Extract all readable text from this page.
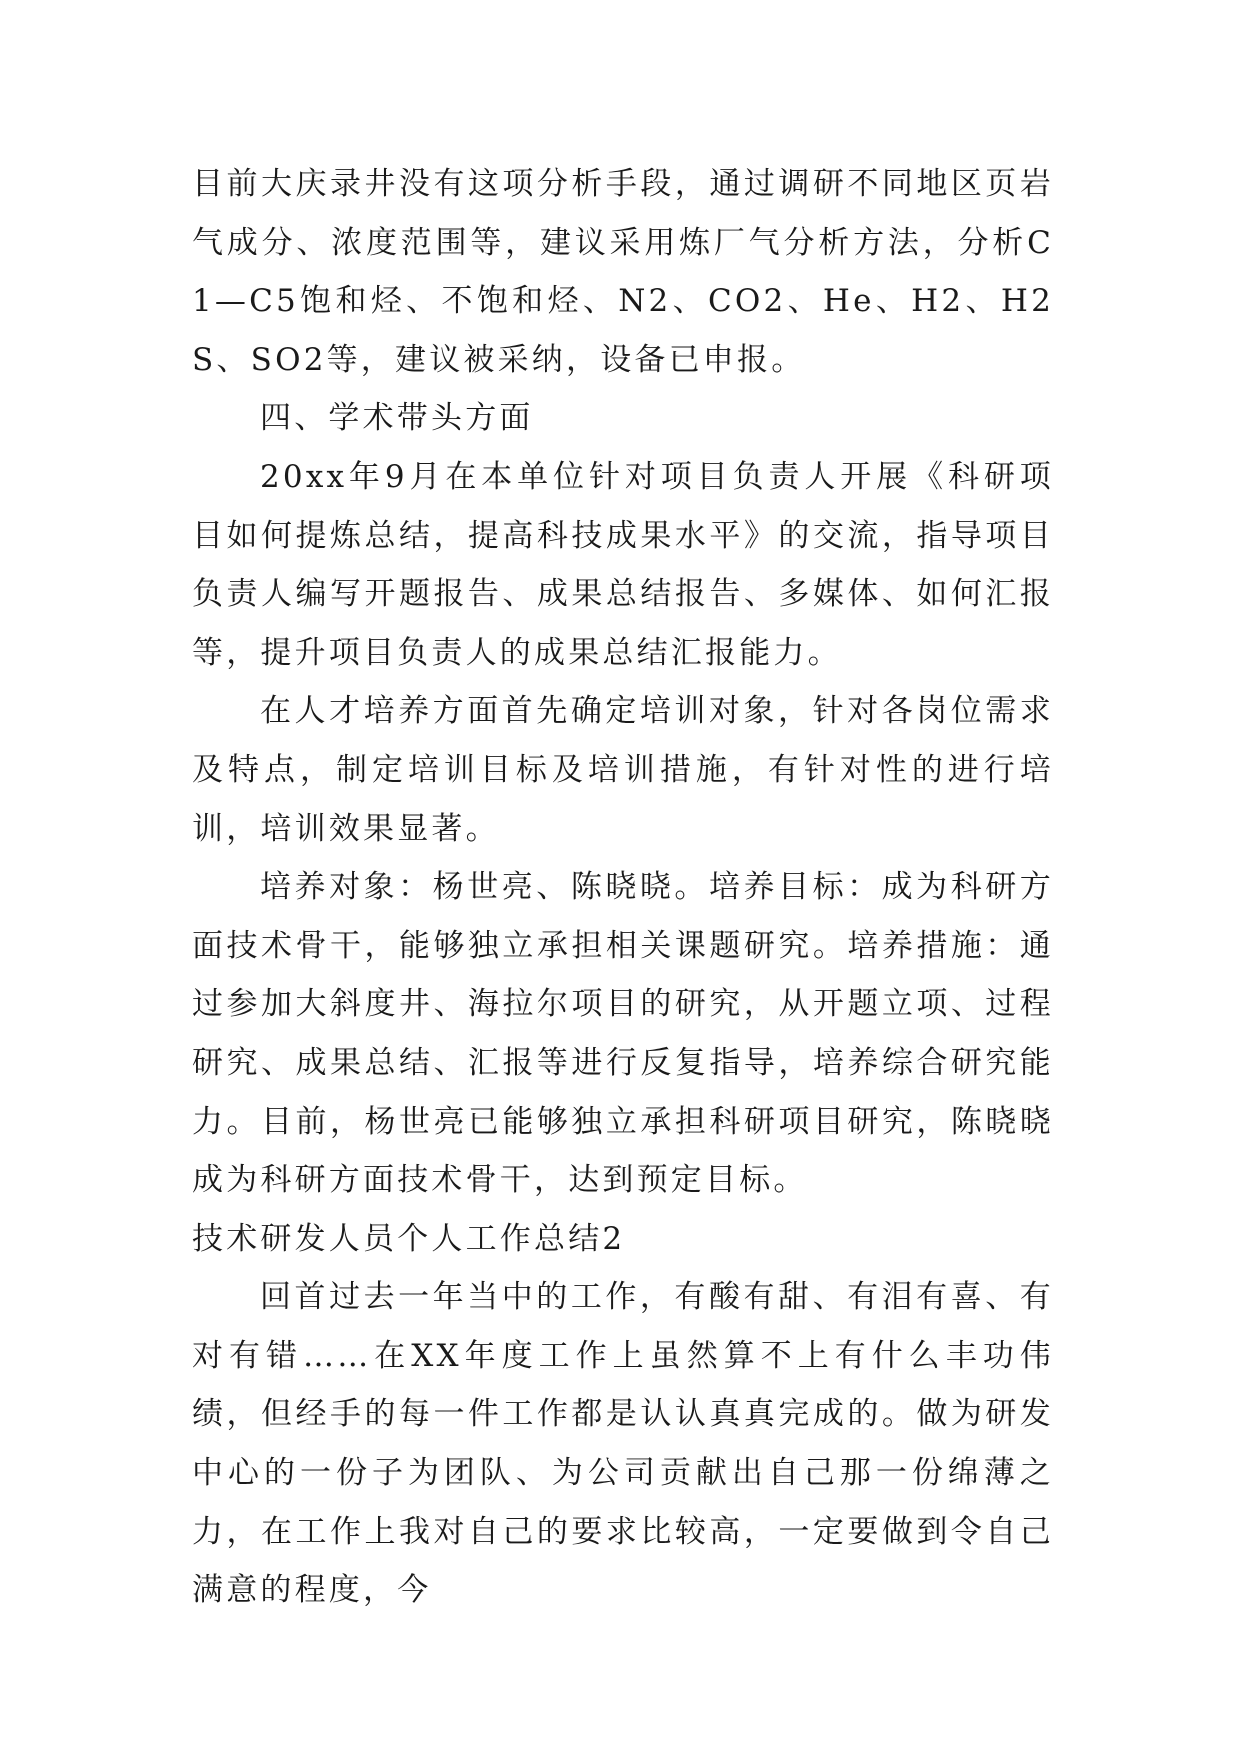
目前大庆录井没有这项分析手段，通过调研不同地区页岩气成分、浓度范围等，建议采用炼厂气分析方法，分析C1—C5饱和烃、不饱和烃、N2、CO2、He、H2、H2S、SO2等，建议被采纳，设备已申报。

四、学术带头方面

20xx年9月在本单位针对项目负责人开展《科研项目如何提炼总结，提高科技成果水平》的交流，指导项目负责人编写开题报告、成果总结报告、多媒体、如何汇报等，提升项目负责人的成果总结汇报能力。

在人才培养方面首先确定培训对象，针对各岗位需求及特点，制定培训目标及培训措施，有针对性的进行培训，培训效果显著。

培养对象：杨世亮、陈晓晓。培养目标：成为科研方面技术骨干，能够独立承担相关课题研究。培养措施：通过参加大斜度井、海拉尔项目的研究，从开题立项、过程研究、成果总结、汇报等进行反复指导，培养综合研究能力。目前，杨世亮已能够独立承担科研项目研究，陈晓晓成为科研方面技术骨干，达到预定目标。

技术研发人员个人工作总结2

回首过去一年当中的工作，有酸有甜、有泪有喜、有对有错……在XX年度工作上虽然算不上有什么丰功伟绩，但经手的每一件工作都是认认真真完成的。做为研发中心的一份子为团队、为公司贡献出自己那一份绵薄之力，在工作上我对自己的要求比较高，一定要做到令自己满意的程度，今
